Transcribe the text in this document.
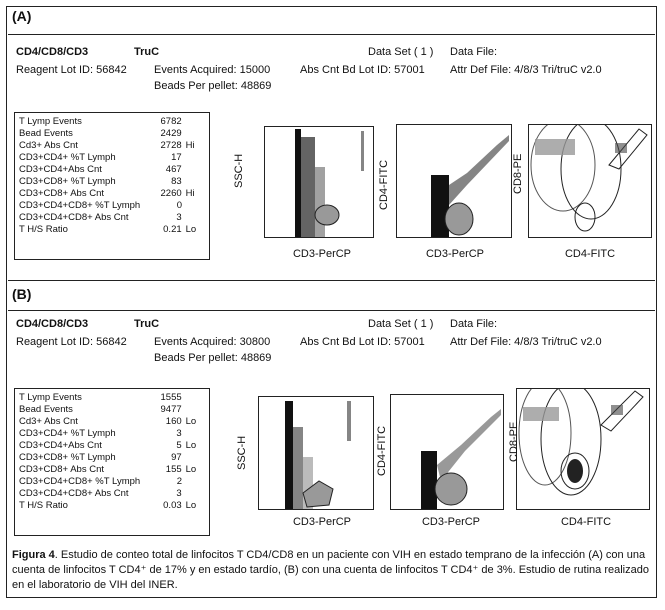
(A)
CD4/CD8/CD3	TruC
Reagent Lot ID: 56842 Events Acquired: 15000
Beads Per pellet: 48869
Data Set ( 1 ) Data File:
Abs Cnt Bd Lot ID: 57001 Attr Def File: 4/8/3 Tri/truC v2.0
T Lymp Events	6782
Bead Events	2429
Cd3+ Abs Cnt	2728 Hi
CD3+CD4+ %T Lymph	17
CD3+CD4+Abs Cnt	467
CD3+CD8+ %T Lymph	83
CD3+CD8+ Abs Cnt	2260 Hi
CD3+CD4+CD8+ %T Lymph	0
CD3+CD4+CD8+ Abs Cnt	3
T H/S Ratio	0.21 Lo
SSC-H
CD3-PerCP
CD4-FITC
CD3-PerCP
CD8-PE
CD4-FITC
(B)
CD4/CD8/CD3	TruC
Reagent Lot ID: 56842 Events Acquired: 30800
Beads Per pellet: 48869
Data Set ( 1 ) Data File:
Abs Cnt Bd Lot ID: 57001 Attr Def File: 4/8/3 Tri/truC v2.0
T Lymp Events	1555
Bead Events	9477
Cd3+ Abs Cnt	160 Lo
CD3+CD4+ %T Lymph	3
CD3+CD4+Abs Cnt	5 Lo
CD3+CD8+ %T Lymph	97
CD3+CD8+ Abs Cnt	155 Lo
CD3+CD4+CD8+ %T Lymph	2
CD3+CD4+CD8+ Abs Cnt	3
T H/S Ratio	0.03 Lo
SSC-H
CD3-PerCP
CD4-FITC
CD3-PerCP
CD8-PE
CD4-FITC
Figura 4. Estudio de conteo total de linfocitos T CD4/CD8 en un paciente con VIH en estado temprano de la infección (A) con una cuenta de linfocitos T CD4⁺ de 17% y en estado tardío, (B) con una cuenta de linfocitos T CD4⁺ de 3%. Estudio de rutina realizado en el laboratorio de VIH del INER.
